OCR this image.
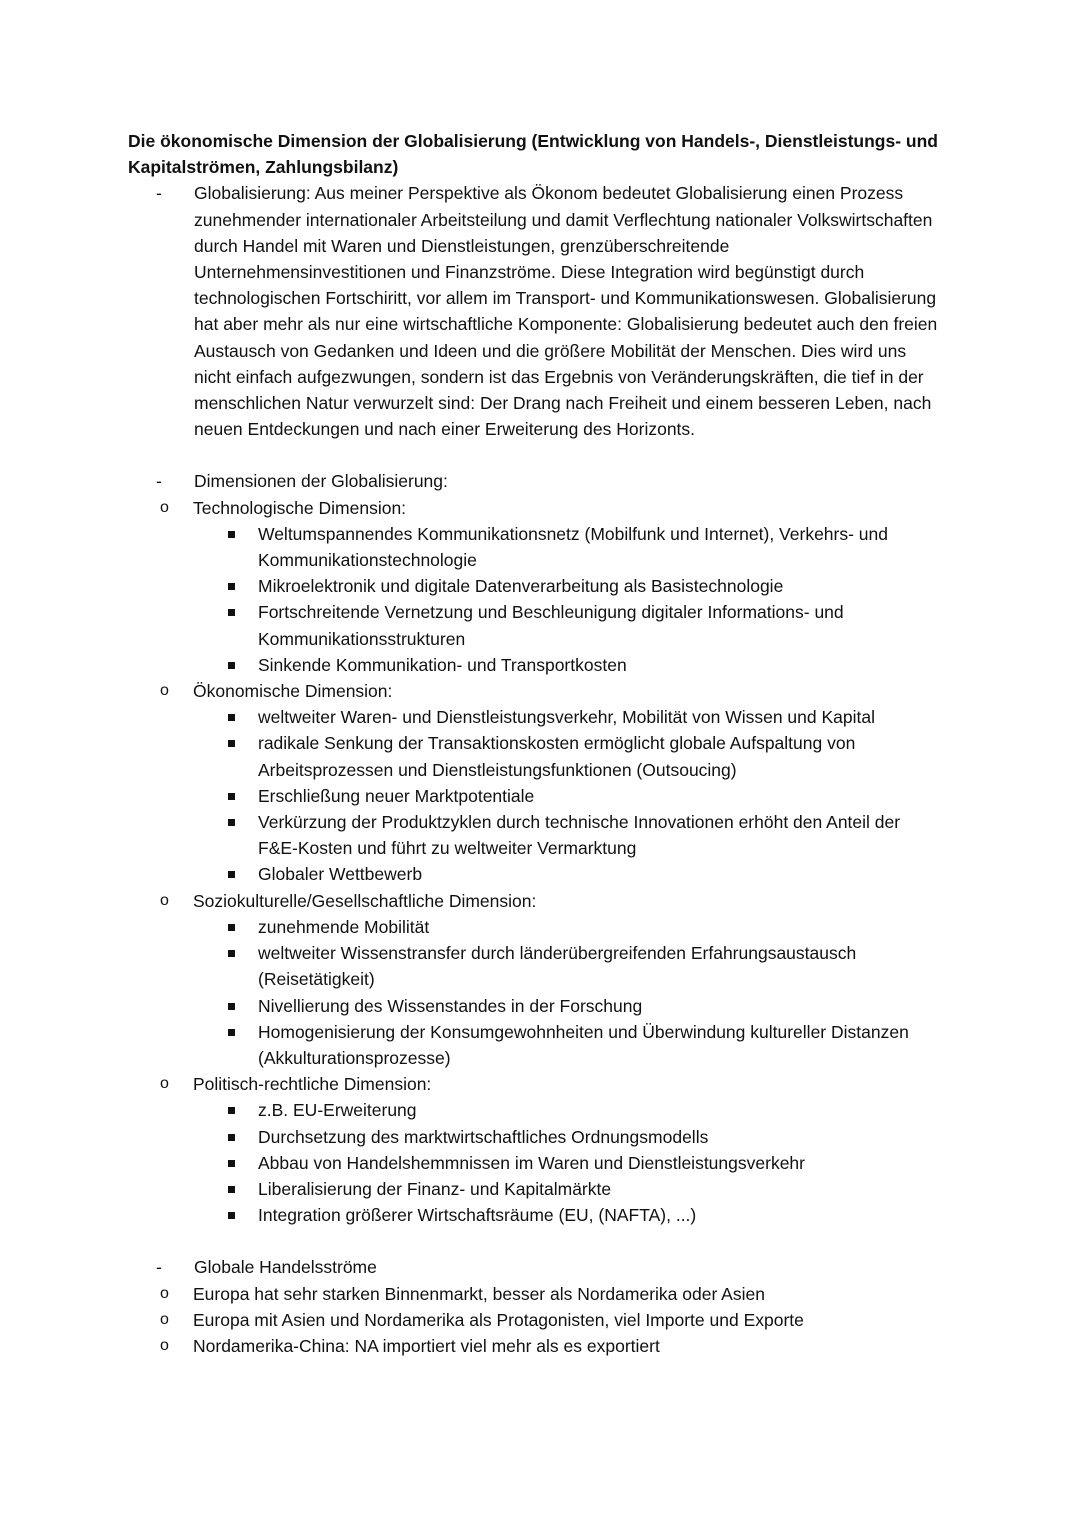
Die ökonomische Dimension der Globalisierung (Entwicklung von Handels-, Dienstleistungs- und Kapitalströmen, Zahlungsbilanz)

- Globalisierung: Aus meiner Perspektive als Ökonom bedeutet Globalisierung einen Prozess zunehmender internationaler Arbeitsteilung und damit Verflechtung nationaler Volkswirtschaften durch Handel mit Waren und Dienstleistungen, grenzüberschreitende Unternehmensinvestitionen und Finanzströme. Diese Integration wird begünstigt durch technologischen Fortschiritt, vor allem im Transport- und Kommunikationswesen. Globalisierung hat aber mehr als nur eine wirtschaftliche Komponente: Globalisierung bedeutet auch den freien Austausch von Gedanken und Ideen und die größere Mobilität der Menschen. Dies wird uns nicht einfach aufgezwungen, sondern ist das Ergebnis von Veränderungskräften, die tief in der menschlichen Natur verwurzelt sind: Der Drang nach Freiheit und einem besseren Leben, nach neuen Entdeckungen und nach einer Erweiterung des Horizonts.
- Dimensionen der Globalisierung:
o Technologische Dimension:
Weltumspannendes Kommunikationsnetz (Mobilfunk und Internet), Verkehrs- und Kommunikationstechnologie
Mikroelektronik und digitale Datenverarbeitung als Basistechnologie
Fortschreitende Vernetzung und Beschleunigung digitaler Informations- und Kommunikationsstrukturen
Sinkende Kommunikation- und Transportkosten
o Ökonomische Dimension:
weltweiter Waren- und Dienstleistungsverkehr, Mobilität von Wissen und Kapital
radikale Senkung der Transaktionskosten ermöglicht globale Aufspaltung von Arbeitsprozessen und Dienstleistungsfunktionen (Outsoucing)
Erschließung neuer Marktpotentiale
Verkürzung der Produktzyklen durch technische Innovationen erhöht den Anteil der F&E-Kosten und führt zu weltweiter Vermarktung
Globaler Wettbewerb
o Soziokulturelle/Gesellschaftliche Dimension:
zunehmende Mobilität
weltweiter Wissenstransfer durch länderübergreifenden Erfahrungsaustausch (Reisetätigkeit)
Nivellierung des Wissenstandes in der Forschung
Homogenisierung der Konsumgewohnheiten und Überwindung kultureller Distanzen (Akkulturationsprozesse)
o Politisch-rechtliche Dimension:
z.B. EU-Erweiterung
Durchsetzung des marktwirtschaftliches Ordnungsmodells
Abbau von Handelshemmnissen im Waren und Dienstleistungsverkehr
Liberalisierung der Finanz- und Kapitalmärkte
Integration größerer Wirtschaftsräume (EU, (NAFTA), ...)
- Globale Handelsströme
o Europa hat sehr starken Binnenmarkt, besser als Nordamerika oder Asien
o Europa mit Asien und Nordamerika als Protagonisten, viel Importe und Exporte
o Nordamerika-China: NA importiert viel mehr als es exportiert
